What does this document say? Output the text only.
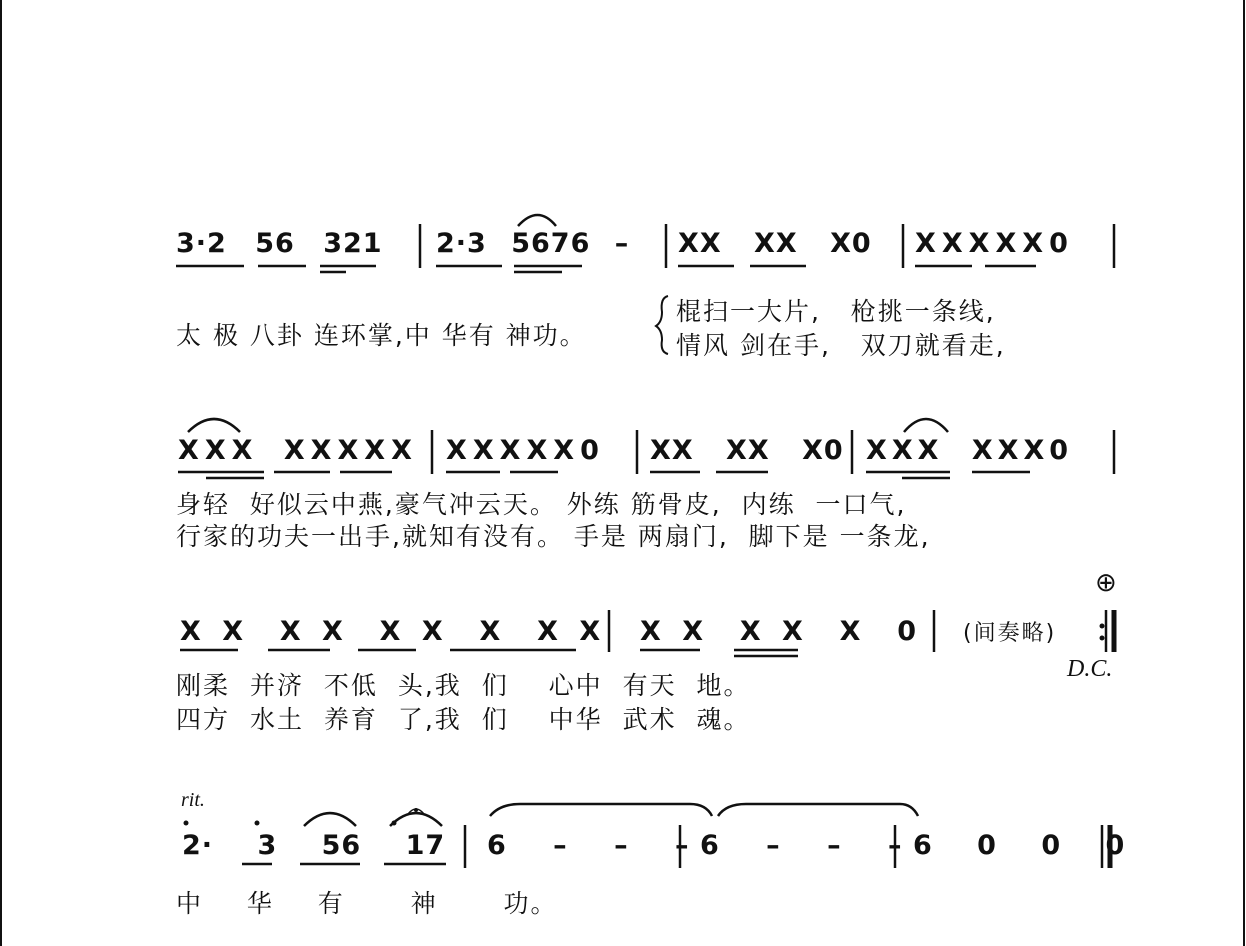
3·2 56 321 2·3 5676 – XX XX X0 XXXXX0
太 极 八卦 连环掌,中 华有 神功。
棍扫一大片,   枪挑一条线,
情风 剑在手,   双刀就看走,
XXX XXXXX XXXXX0 XX XX X0 XXX XXX0
身轻  好似云中燕,豪气冲云天。 外练 筋骨皮,  内练  一口气,
行家的功夫一出手,就知有没有。 手是 两扇门,  脚下是 一条龙,
⊕
X X  X X  X X  X  X X X X  X X  X  0 (间奏略)
D.C.
刚柔 并济 不低 头,我 们  心中 有天 地。
四方 水土 养育 了,我 们  中华 武术 魂。
rit.
2· 3 56 17 6 – – – 6 – – – 6 0 0 0
中  华  有   神   功。
